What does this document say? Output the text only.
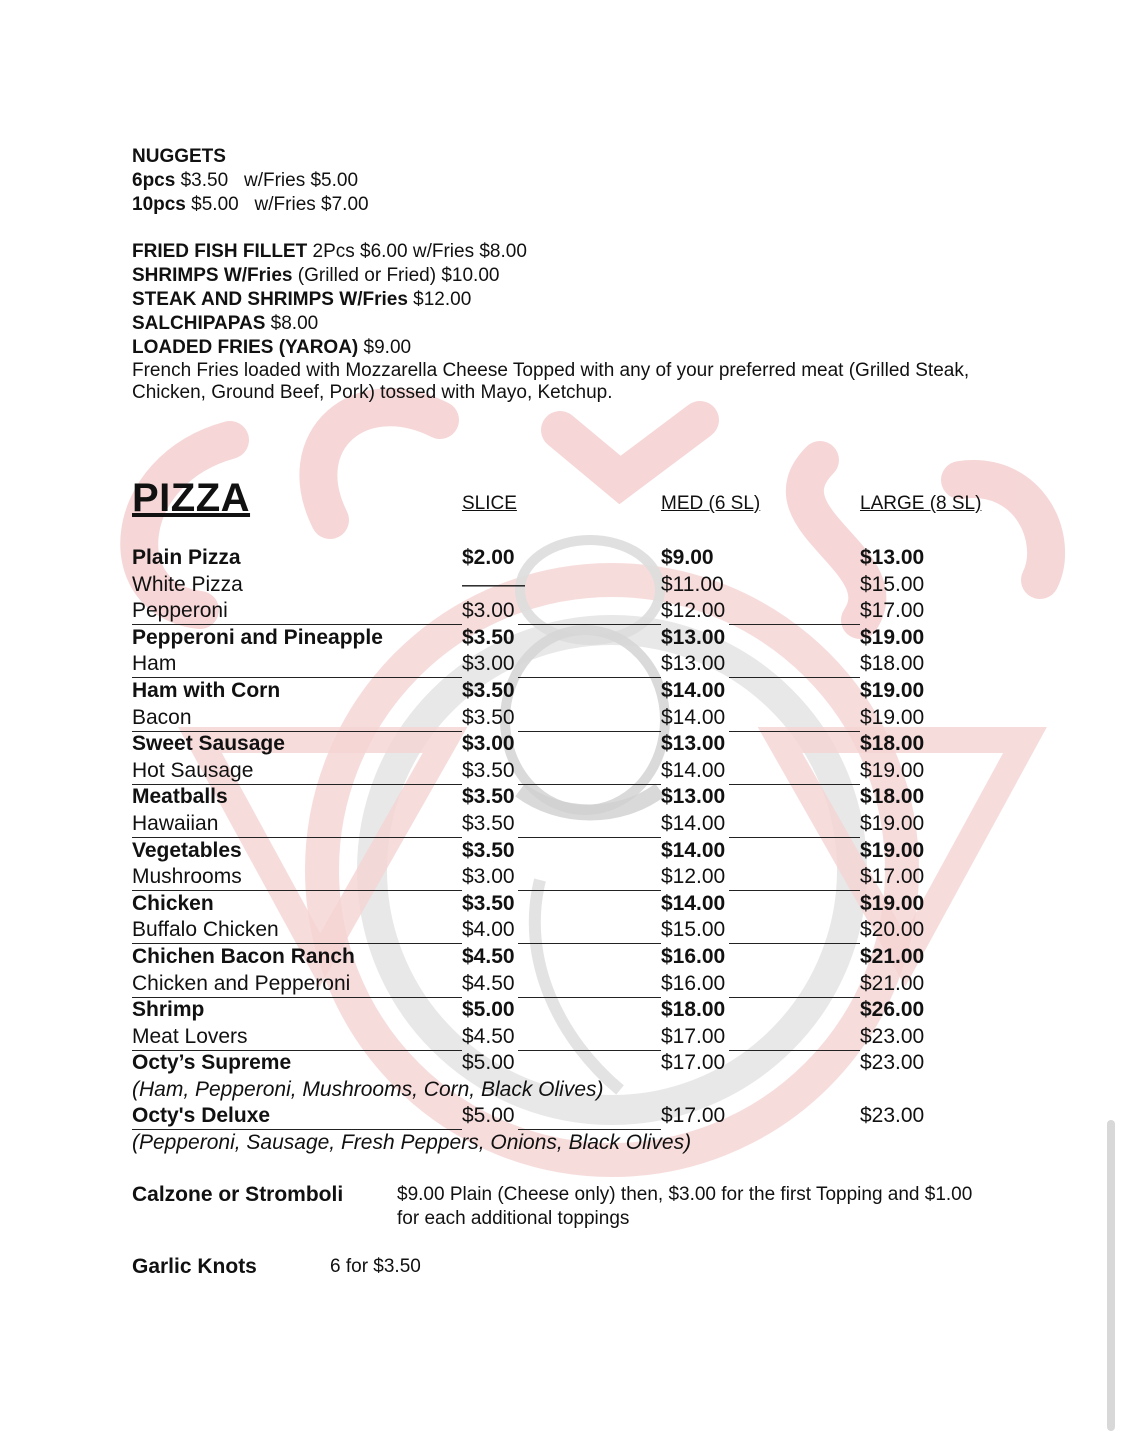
NUGGETS
6pcs $3.50 w/Fries $5.00
10pcs $5.00 w/Fries $7.00
FRIED FISH FILLET 2Pcs $6.00 w/Fries $8.00
SHRIMPS W/Fries (Grilled or Fried) $10.00
STEAK AND SHRIMPS W/Fries $12.00
SALCHIPAPAS $8.00
LOADED FRIES (YAROA) $9.00
French Fries loaded with Mozzarella Cheese Topped with any of your preferred meat (Grilled Steak, Chicken, Ground Beef, Pork) tossed with Mayo, Ketchup.
PIZZA	SLICE	MED (6 SL)	LARGE (8 SL)
Plain Pizza	$2.00	$9.00	$13.00
White Pizza	———	$11.00	$15.00
Pepperoni	$3.00	$12.00	$17.00
Pepperoni and Pineapple	$3.50	$13.00	$19.00
Ham	$3.00	$13.00	$18.00
Ham with Corn	$3.50	$14.00	$19.00
Bacon	$3.50	$14.00	$19.00
Sweet Sausage	$3.00	$13.00	$18.00
Hot Sausage	$3.50	$14.00	$19.00
Meatballs	$3.50	$13.00	$18.00
Hawaiian	$3.50	$14.00	$19.00
Vegetables	$3.50	$14.00	$19.00
Mushrooms	$3.00	$12.00	$17.00
Chicken	$3.50	$14.00	$19.00
Buffalo Chicken	$4.00	$15.00	$20.00
Chichen Bacon Ranch	$4.50	$16.00	$21.00
Chicken and Pepperoni	$4.50	$16.00	$21.00
Shrimp	$5.00	$18.00	$26.00
Meat Lovers	$4.50	$17.00	$23.00
Octy’s Supreme	$5.00	$17.00	$23.00
(Ham, Pepperoni, Mushrooms, Corn, Black Olives)
Octy's Deluxe	$5.00	$17.00	$23.00
(Pepperoni, Sausage, Fresh Peppers, Onions, Black Olives)
Calzone or Stromboli	$9.00 Plain (Cheese only) then, $3.00 for the first Topping and $1.00 for each additional toppings
Garlic Knots	6 for $3.50
